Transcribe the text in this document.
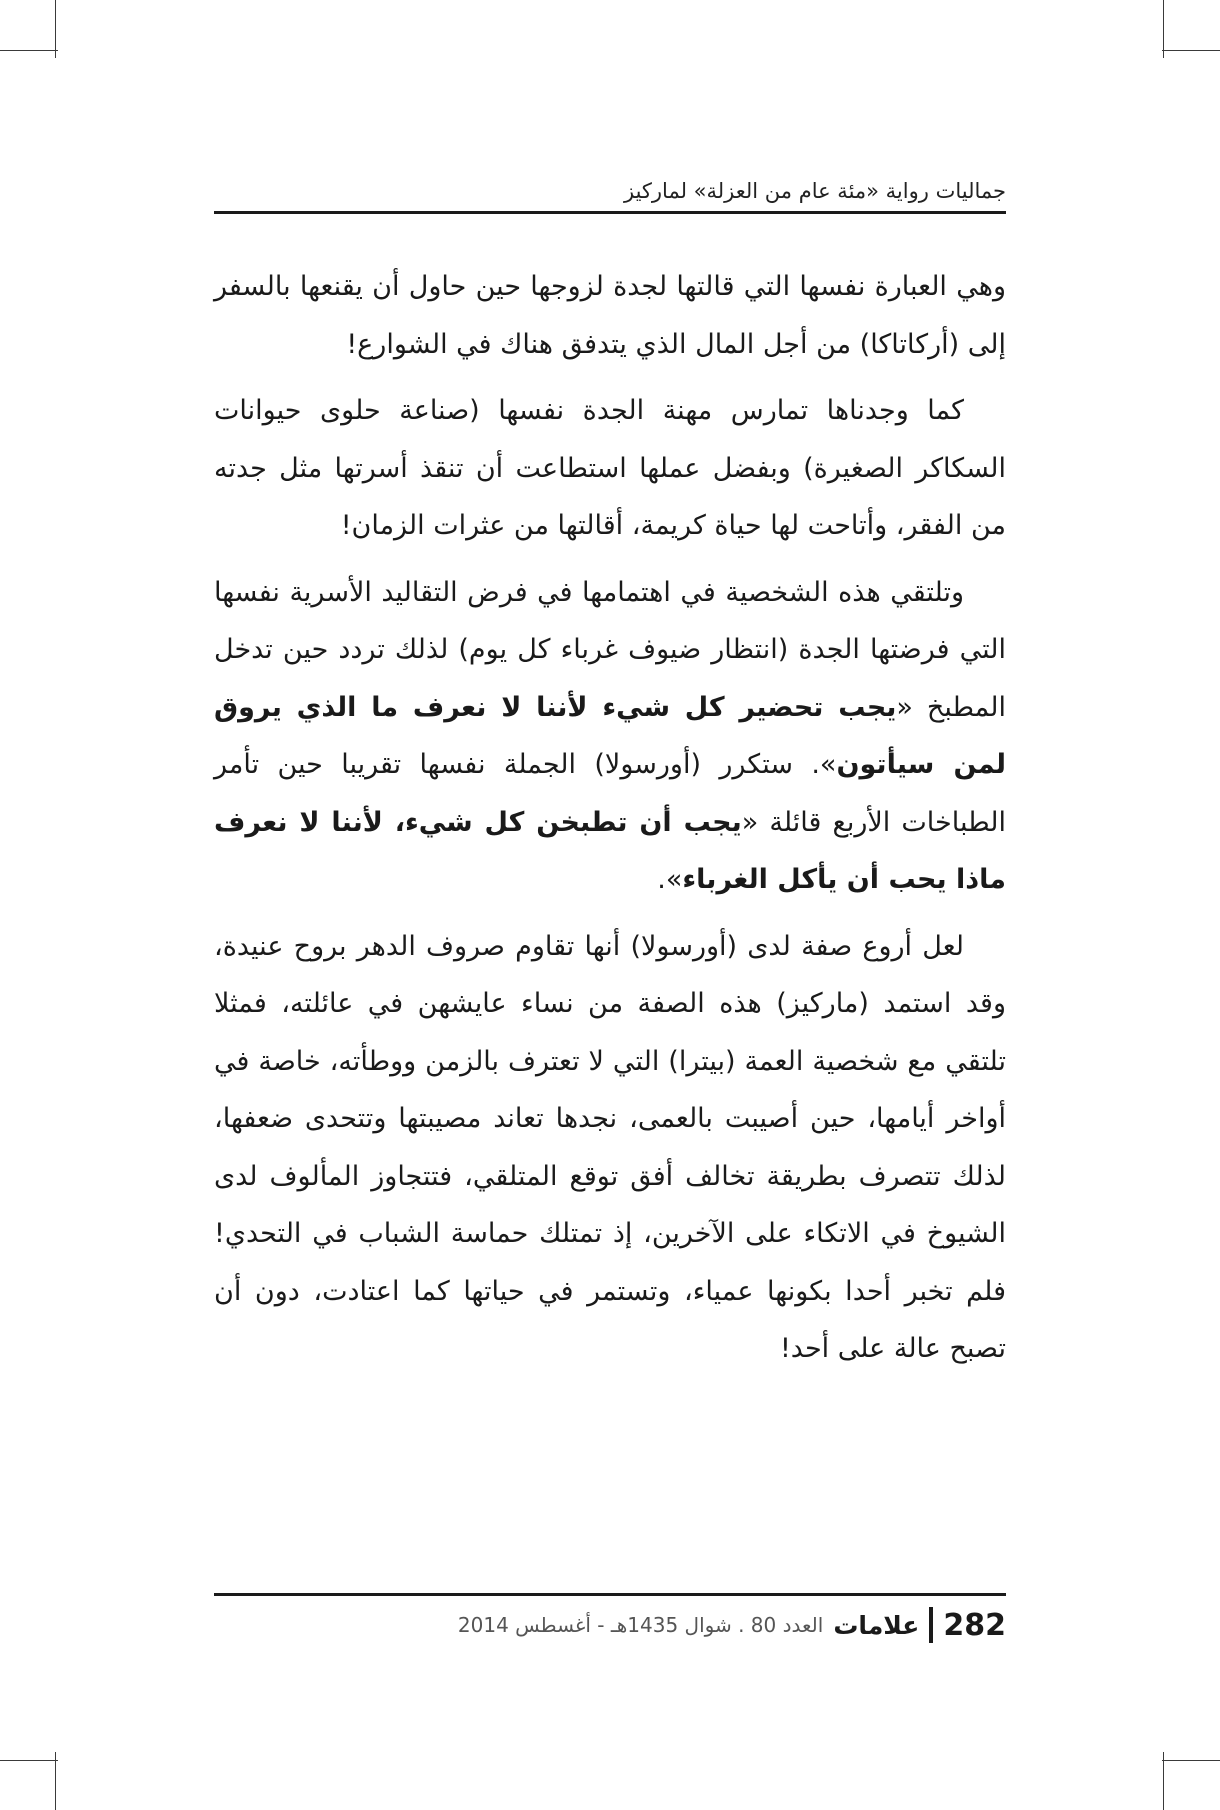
جماليات رواية «مئة عام من العزلة» لماركيز

وهي العبارة نفسها التي قالتها لجدة لزوجها حين حاول أن يقنعها بالسفر إلى (أركاتاكا) من أجل المال الذي يتدفق هناك في الشوارع!

كما وجدناها تمارس مهنة الجدة نفسها (صناعة حلوى حيوانات السكاكر الصغيرة) وبفضل عملها استطاعت أن تنقذ أسرتها مثل جدته من الفقر، وأتاحت لها حياة كريمة، أقالتها من عثرات الزمان!

وتلتقي هذه الشخصية في اهتمامها في فرض التقاليد الأسرية نفسها التي فرضتها الجدة (انتظار ضيوف غرباء كل يوم) لذلك تردد حين تدخل المطبخ «يجب تحضير كل شيء لأننا لا نعرف ما الذي يروق لمن سيأتون». ستكرر (أورسولا) الجملة نفسها تقريبا حين تأمر الطباخات الأربع قائلة «يجب أن تطبخن كل شيء، لأننا لا نعرف ماذا يحب أن يأكل الغرباء».

لعل أروع صفة لدى (أورسولا) أنها تقاوم صروف الدهر بروح عنيدة، وقد استمد (ماركيز) هذه الصفة من نساء عايشهن في عائلته، فمثلا تلتقي مع شخصية العمة (بيترا) التي لا تعترف بالزمن ووطأته، خاصة في أواخر أيامها، حين أصيبت بالعمى، نجدها تعاند مصيبتها وتتحدى ضعفها، لذلك تتصرف بطريقة تخالف أفق توقع المتلقي، فتتجاوز المألوف لدى الشيوخ في الاتكاء على الآخرين، إذ تمتلك حماسة الشباب في التحدي! فلم تخبر أحدا بكونها عمياء، وتستمر في حياتها كما اعتادت، دون أن تصبح عالة على أحد!

282
علامات
العدد 80 . شوال 1435هـ - أغسطس 2014
